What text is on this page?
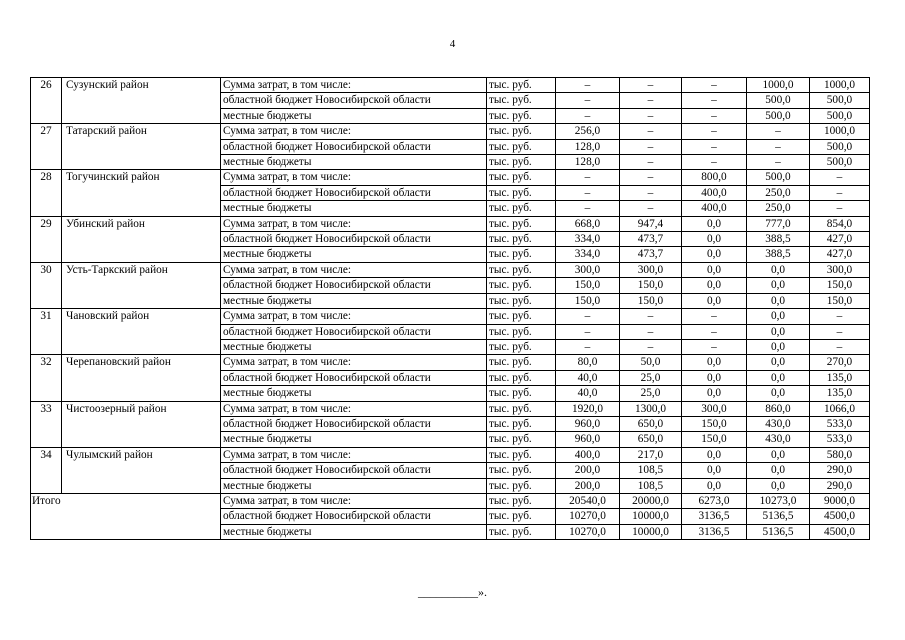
4
26	Сузунский район	Сумма затрат, в том числе:	тыс. руб.	–	–	–	1000,0	1000,0
		областной бюджет Новосибирской области	тыс. руб.	–	–	–	500,0	500,0
		местные бюджеты	тыс. руб.	–	–	–	500,0	500,0
27	Татарский район	Сумма затрат, в том числе:	тыс. руб.	256,0	–	–	–	1000,0
		областной бюджет Новосибирской области	тыс. руб.	128,0	–	–	–	500,0
		местные бюджеты	тыс. руб.	128,0	–	–	–	500,0
28	Тогучинский район	Сумма затрат, в том числе:	тыс. руб.	–	–	800,0	500,0	–
		областной бюджет Новосибирской области	тыс. руб.	–	–	400,0	250,0	–
		местные бюджеты	тыс. руб.	–	–	400,0	250,0	–
29	Убинский район	Сумма затрат, в том числе:	тыс. руб.	668,0	947,4	0,0	777,0	854,0
		областной бюджет Новосибирской области	тыс. руб.	334,0	473,7	0,0	388,5	427,0
		местные бюджеты	тыс. руб.	334,0	473,7	0,0	388,5	427,0
30	Усть-Таркский район	Сумма затрат, в том числе:	тыс. руб.	300,0	300,0	0,0	0,0	300,0
		областной бюджет Новосибирской области	тыс. руб.	150,0	150,0	0,0	0,0	150,0
		местные бюджеты	тыс. руб.	150,0	150,0	0,0	0,0	150,0
31	Чановский район	Сумма затрат, в том числе:	тыс. руб.	–	–	–	0,0	–
		областной бюджет Новосибирской области	тыс. руб.	–	–	–	0,0	–
		местные бюджеты	тыс. руб.	–	–	–	0,0	–
32	Черепановский район	Сумма затрат, в том числе:	тыс. руб.	80,0	50,0	0,0	0,0	270,0
		областной бюджет Новосибирской области	тыс. руб.	40,0	25,0	0,0	0,0	135,0
		местные бюджеты	тыс. руб.	40,0	25,0	0,0	0,0	135,0
33	Чистоозерный район	Сумма затрат, в том числе:	тыс. руб.	1920,0	1300,0	300,0	860,0	1066,0
		областной бюджет Новосибирской области	тыс. руб.	960,0	650,0	150,0	430,0	533,0
		местные бюджеты	тыс. руб.	960,0	650,0	150,0	430,0	533,0
34	Чулымский район	Сумма затрат, в том числе:	тыс. руб.	400,0	217,0	0,0	0,0	580,0
		областной бюджет Новосибирской области	тыс. руб.	200,0	108,5	0,0	0,0	290,0
		местные бюджеты	тыс. руб.	200,0	108,5	0,0	0,0	290,0
Итого		Сумма затрат, в том числе:	тыс. руб.	20540,0	20000,0	6273,0	10273,0	9000,0
		областной бюджет Новосибирской области	тыс. руб.	10270,0	10000,0	3136,5	5136,5	4500,0
		местные бюджеты	тыс. руб.	10270,0	10000,0	3136,5	5136,5	4500,0
__________».
